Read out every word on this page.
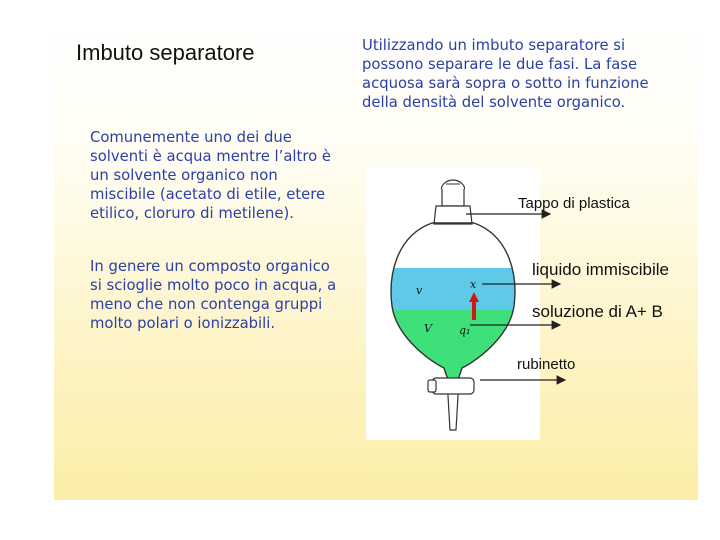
Imbuto separatore	Utilizzando un imbuto separatore si possono separare le due fasi. La fase acquosa sarà sopra o sotto in funzione della densità del solvente organico.

Comunemente uno dei due solventi è acqua mentre l’altro è un solvente organico non miscibile (acetato di etile, etere etilico, cloruro di metilene).

In genere un composto organico si scioglie molto poco in acqua, a meno che non contenga gruppi molto polari o ionizzabili.

v	x
V q₁
Tappo di plastica
liquido immiscibile
soluzione di A+ B
rubinetto
